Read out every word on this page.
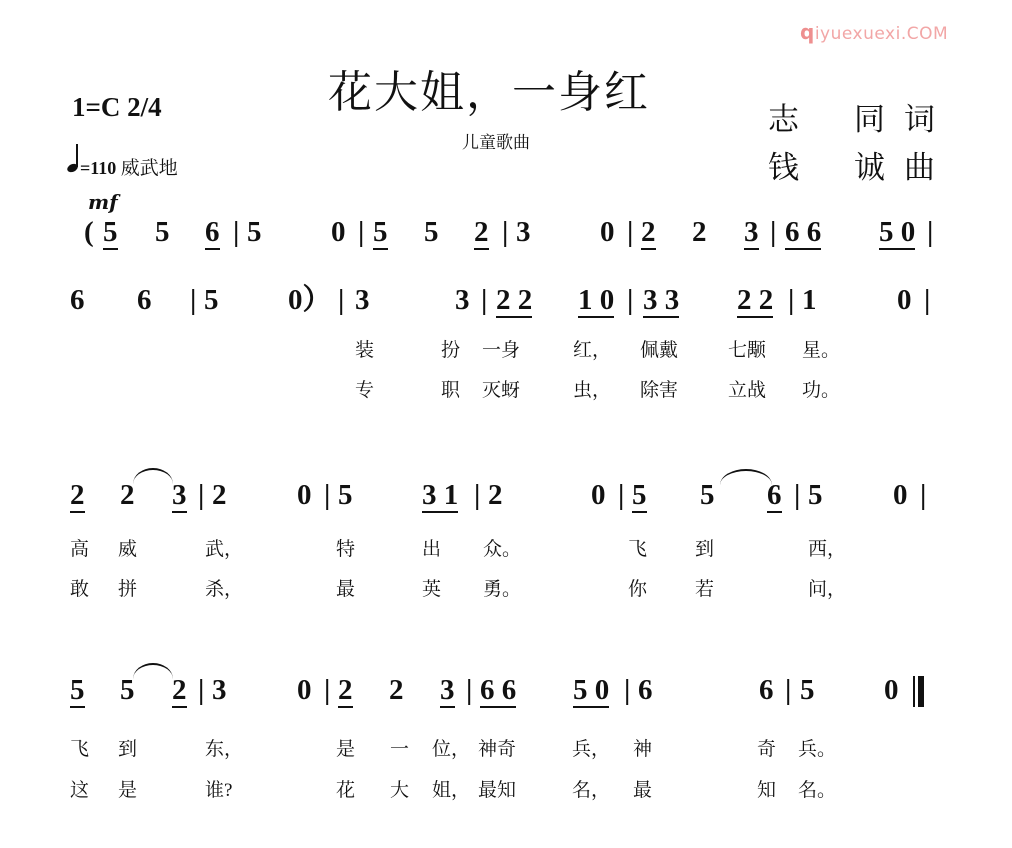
qiyuexuexi.COM
花大姐，一身红
儿童歌曲
1=C 2/4
=110 威武地
志 同 词
钱 诚 曲
mf
( 5 5 6 | 5 0 | 5 5 2 | 3 0 | 2 2 3 | 6 6 5 0 |
6 6 | 5 0） | 3	3 | 2 2 1 0 | 3 3 2 2 | 1	0 |
2 2 3 | 2 0 | 5 3 1 | 2	0 | 5 5 6 | 5 0 |
5 5 2 | 3 0 | 2 2 3 | 6 6 5 0 | 6	6 | 5 0
装	扮 一身	红， 佩戴	七颙 星。
专	职 灭蚜	虫， 除害	立战 功。
高 威	武，	特	出 众。	飞	到	西，
敢 拼	杀，	最	英 勇。	你	若	问，
飞 到	东，	是 一 位， 神奇	兵， 神	奇 兵。
这 是	谁?	花 大 姐， 最知	名， 最	知 名。
